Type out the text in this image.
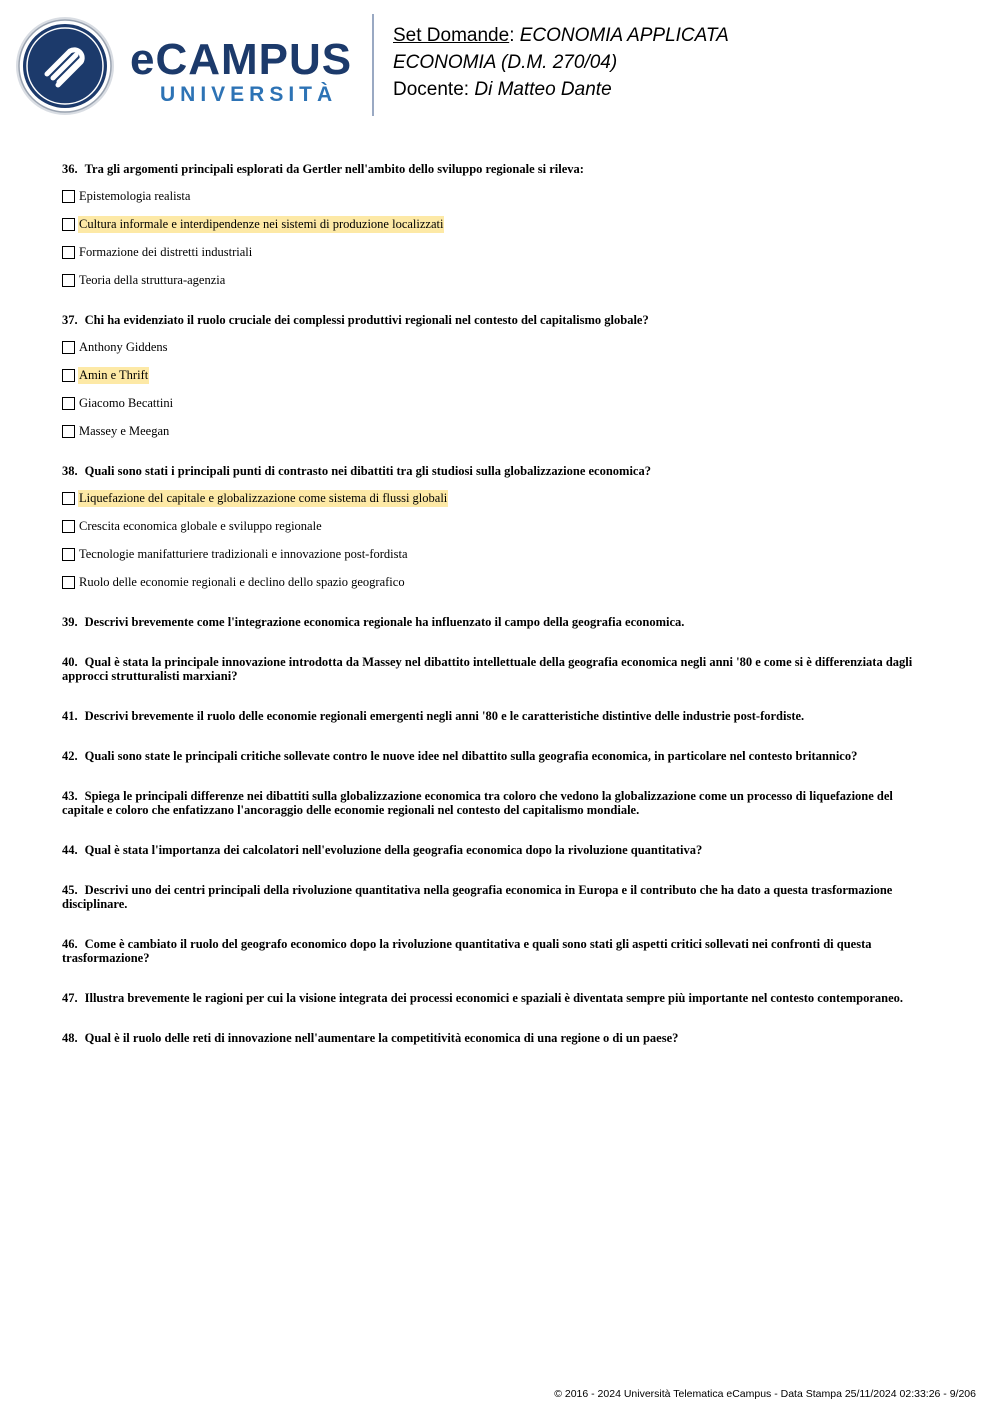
eCAMPUS
UNIVERSITÀ
Set Domande: ECONOMIA APPLICATA
ECONOMIA (D.M. 270/04)
Docente: Di Matteo Dante

36. Tra gli argomenti principali esplorati da Gertler nell'ambito dello sviluppo regionale si rileva:

Epistemologia realista
Cultura informale e interdipendenze nei sistemi di produzione localizzati
Formazione dei distretti industriali
Teoria della struttura-agenzia

37. Chi ha evidenziato il ruolo cruciale dei complessi produttivi regionali nel contesto del capitalismo globale?

Anthony Giddens
Amin e Thrift
Giacomo Becattini
Massey e Meegan

38. Quali sono stati i principali punti di contrasto nei dibattiti tra gli studiosi sulla globalizzazione economica?

Liquefazione del capitale e globalizzazione come sistema di flussi globali
Crescita economica globale e sviluppo regionale
Tecnologie manifatturiere tradizionali e innovazione post-fordista
Ruolo delle economie regionali e declino dello spazio geografico

39. Descrivi brevemente come l'integrazione economica regionale ha influenzato il campo della geografia economica.

40. Qual è stata la principale innovazione introdotta da Massey nel dibattito intellettuale della geografia economica negli anni '80 e come si è differenziata dagli approcci strutturalisti marxiani?

41. Descrivi brevemente il ruolo delle economie regionali emergenti negli anni '80 e le caratteristiche distintive delle industrie post-fordiste.

42. Quali sono state le principali critiche sollevate contro le nuove idee nel dibattito sulla geografia economica, in particolare nel contesto britannico?

43. Spiega le principali differenze nei dibattiti sulla globalizzazione economica tra coloro che vedono la globalizzazione come un processo di liquefazione del capitale e coloro che enfatizzano l'ancoraggio delle economie regionali nel contesto del capitalismo mondiale.

44. Qual è stata l'importanza dei calcolatori nell'evoluzione della geografia economica dopo la rivoluzione quantitativa?

45. Descrivi uno dei centri principali della rivoluzione quantitativa nella geografia economica in Europa e il contributo che ha dato a questa trasformazione disciplinare.

46. Come è cambiato il ruolo del geografo economico dopo la rivoluzione quantitativa e quali sono stati gli aspetti critici sollevati nei confronti di questa trasformazione?

47. Illustra brevemente le ragioni per cui la visione integrata dei processi economici e spaziali è diventata sempre più importante nel contesto contemporaneo.

48. Qual è il ruolo delle reti di innovazione nell'aumentare la competitività economica di una regione o di un paese?

© 2016 - 2024 Università Telematica eCampus - Data Stampa 25/11/2024 02:33:26 - 9/206
